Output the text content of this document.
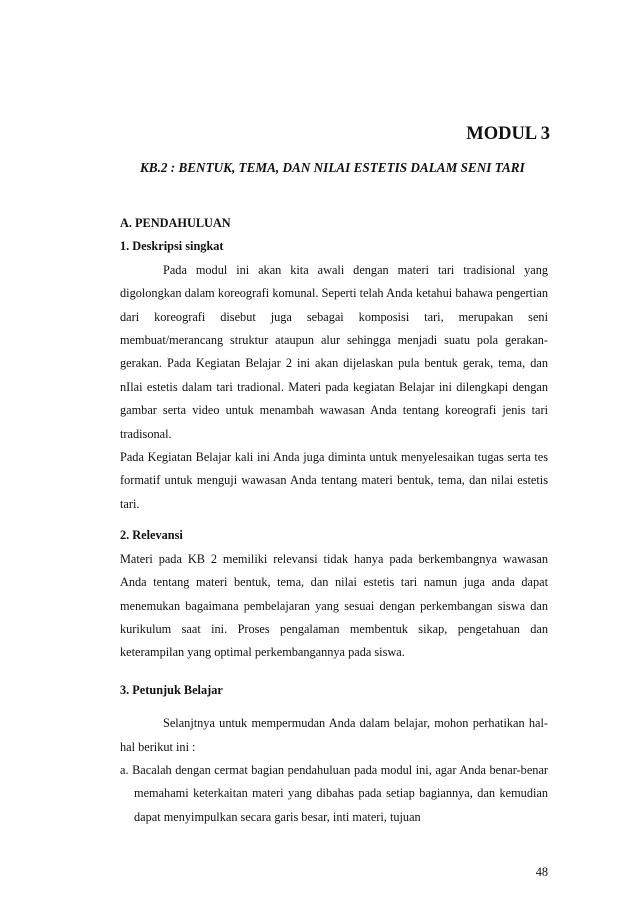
MODUL 3
KB.2 : BENTUK, TEMA, DAN NILAI ESTETIS DALAM SENI TARI

A. PENDAHULUAN

1. Deskripsi singkat

Pada modul ini akan kita awali dengan materi tari tradisional yang digolongkan dalam koreografi komunal. Seperti telah Anda ketahui bahawa pengertian dari koreografi disebut juga sebagai komposisi tari, merupakan seni membuat/merancang struktur ataupun alur sehingga menjadi suatu pola gerakan-gerakan. Pada Kegiatan Belajar 2 ini akan dijelaskan pula bentuk gerak, tema, dan nIlai estetis dalam tari tradional. Materi pada kegiatan Belajar ini dilengkapi dengan gambar serta video untuk menambah wawasan Anda tentang koreografi jenis tari tradisonal.

Pada Kegiatan Belajar kali ini Anda juga diminta untuk menyelesaikan tugas serta tes formatif untuk menguji wawasan Anda tentang materi bentuk, tema, dan nilai estetis tari.

2. Relevansi

Materi pada KB 2 memiliki relevansi tidak hanya pada berkembangnya wawasan Anda tentang materi bentuk, tema, dan nilai estetis tari namun juga anda dapat menemukan bagaimana pembelajaran yang sesuai dengan perkembangan siswa dan kurikulum saat ini. Proses pengalaman membentuk sikap, pengetahuan dan keterampilan yang optimal perkembangannya pada siswa.

3. Petunjuk Belajar

Selanjtnya untuk mempermudan Anda dalam belajar, mohon perhatikan hal-hal berikut ini :

a. Bacalah dengan cermat bagian pendahuluan pada modul ini, agar Anda benar-benar memahami keterkaitan materi yang dibahas pada setiap bagiannya, dan kemudian dapat menyimpulkan secara garis besar, inti materi, tujuan

48
